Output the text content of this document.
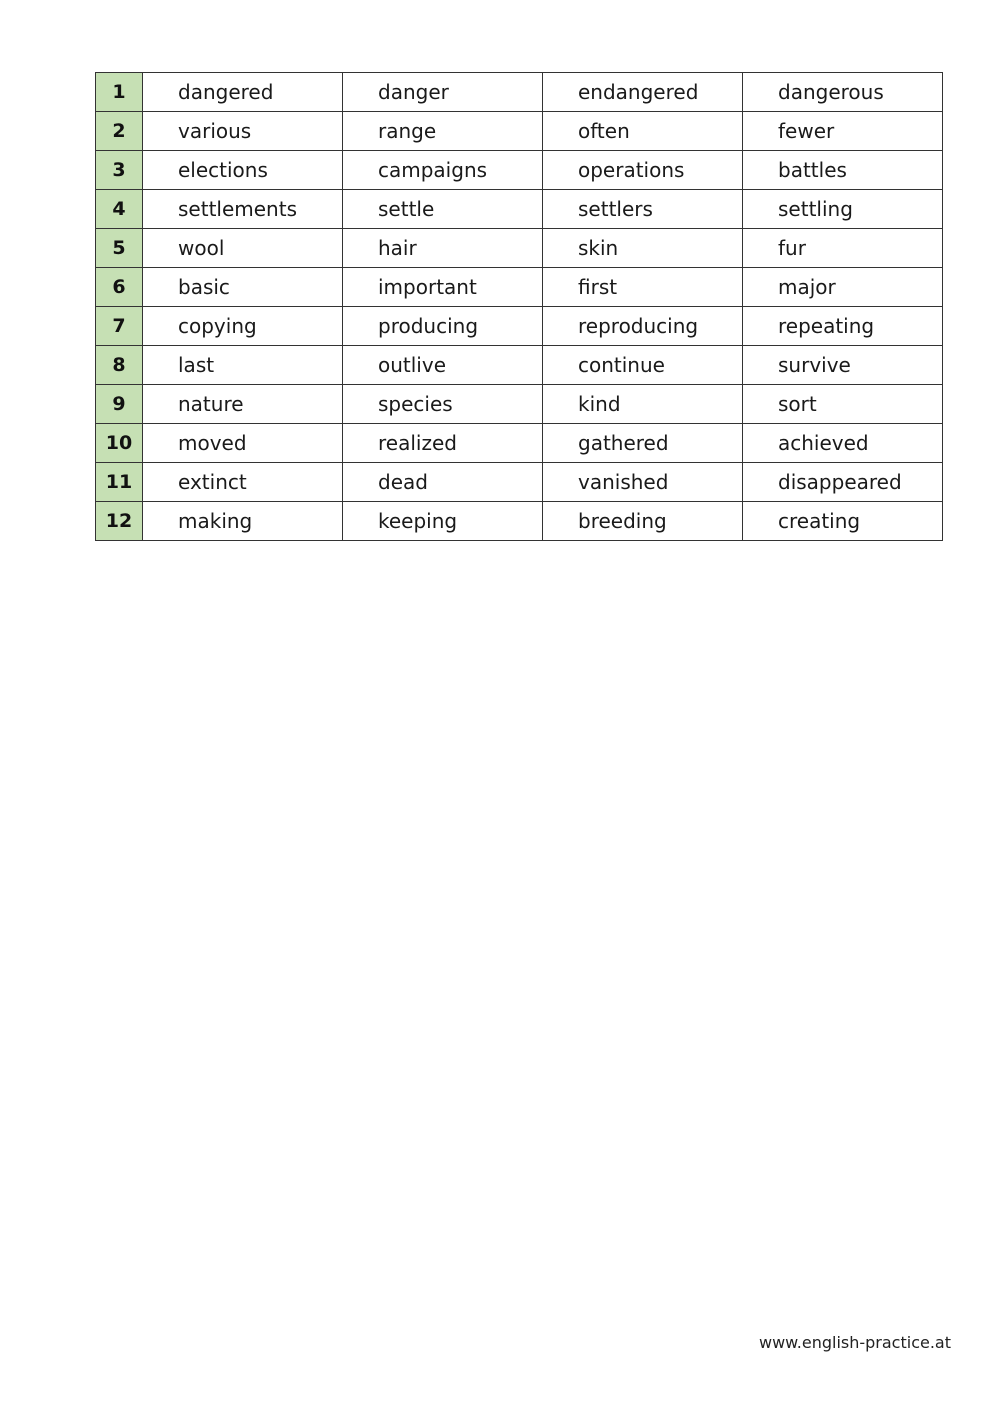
1	dangered	danger	endangered	dangerous
2	various	range	often	fewer
3	elections	campaigns	operations	battles
4	settlements	settle	settlers	settling
5	wool	hair	skin	fur
6	basic	important	first	major
7	copying	producing	reproducing	repeating
8	last	outlive	continue	survive
9	nature	species	kind	sort
10	moved	realized	gathered	achieved
11	extinct	dead	vanished	disappeared
12	making	keeping	breeding	creating
www.english-practice.at
